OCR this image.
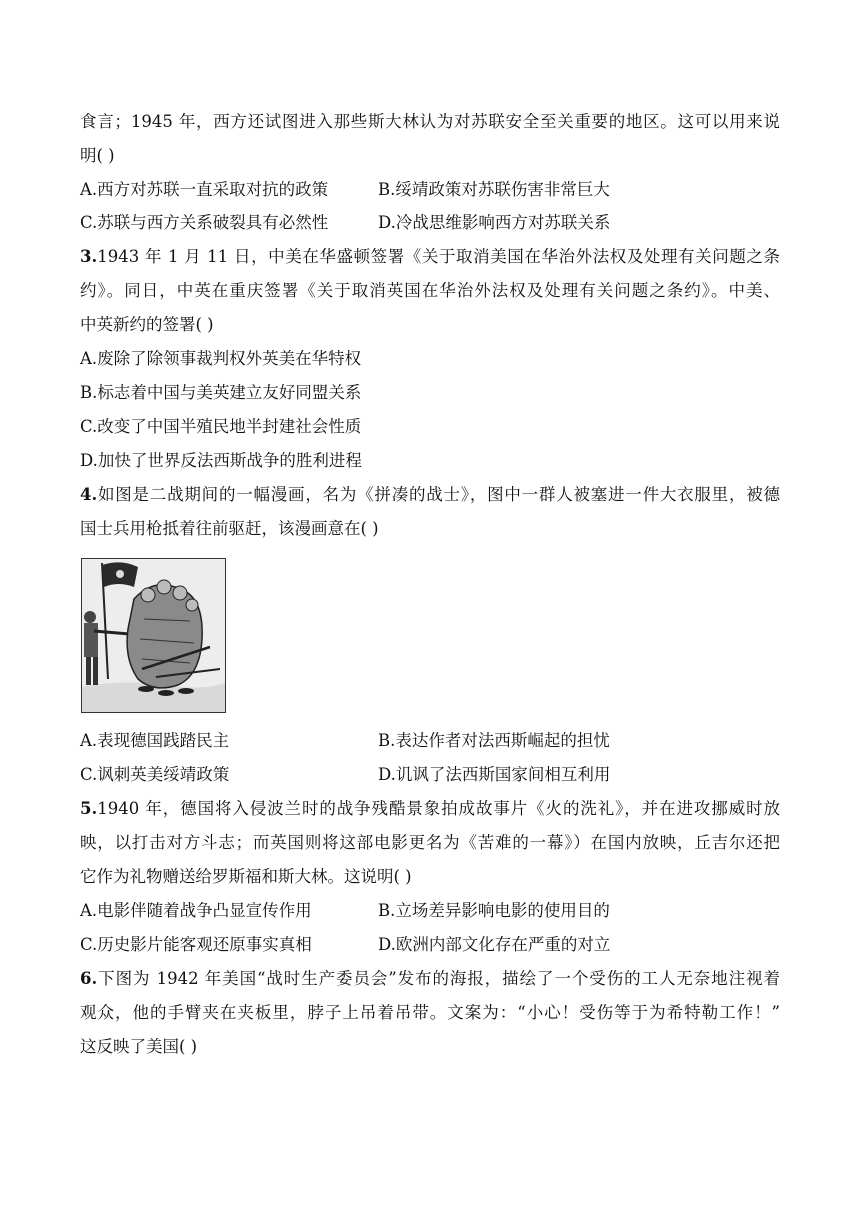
食言；1945 年，西方还试图进入那些斯大林认为对苏联安全至关重要的地区。这可以用来说
明( )
A.西方对苏联一直采取对抗的政策	B.绥靖政策对苏联伤害非常巨大
C.苏联与西方关系破裂具有必然性	D.冷战思维影响西方对苏联关系
3.1943 年 1 月 11 日，中美在华盛顿签署《关于取消美国在华治外法权及处理有关问题之条
约》。同日，中英在重庆签署《关于取消英国在华治外法权及处理有关问题之条约》。中美、
中英新约的签署( )
A.废除了除领事裁判权外英美在华特权
B.标志着中国与美英建立友好同盟关系
C.改变了中国半殖民地半封建社会性质
D.加快了世界反法西斯战争的胜利进程
4.如图是二战期间的一幅漫画，名为《拼凑的战士》，图中一群人被塞进一件大衣服里，被德
国士兵用枪抵着往前驱赶，该漫画意在( )
A.表现德国践踏民主	B.表达作者对法西斯崛起的担忧
C.讽刺英美绥靖政策	D.讥讽了法西斯国家间相互利用
5.1940 年，德国将入侵波兰时的战争残酷景象拍成故事片《火的洗礼》，并在进攻挪威时放
映，以打击对方斗志；而英国则将这部电影更名为《苦难的一幕》）在国内放映，丘吉尔还把
它作为礼物赠送给罗斯福和斯大林。这说明( )
A.电影伴随着战争凸显宣传作用	B.立场差异影响电影的使用目的
C.历史影片能客观还原事实真相	D.欧洲内部文化存在严重的对立
6.下图为 1942 年美国“战时生产委员会”发布的海报，描绘了一个受伤的工人无奈地注视着
观众，他的手臂夹在夹板里，脖子上吊着吊带。文案为：“小心！受伤等于为希特勒工作！”
这反映了美国( )
